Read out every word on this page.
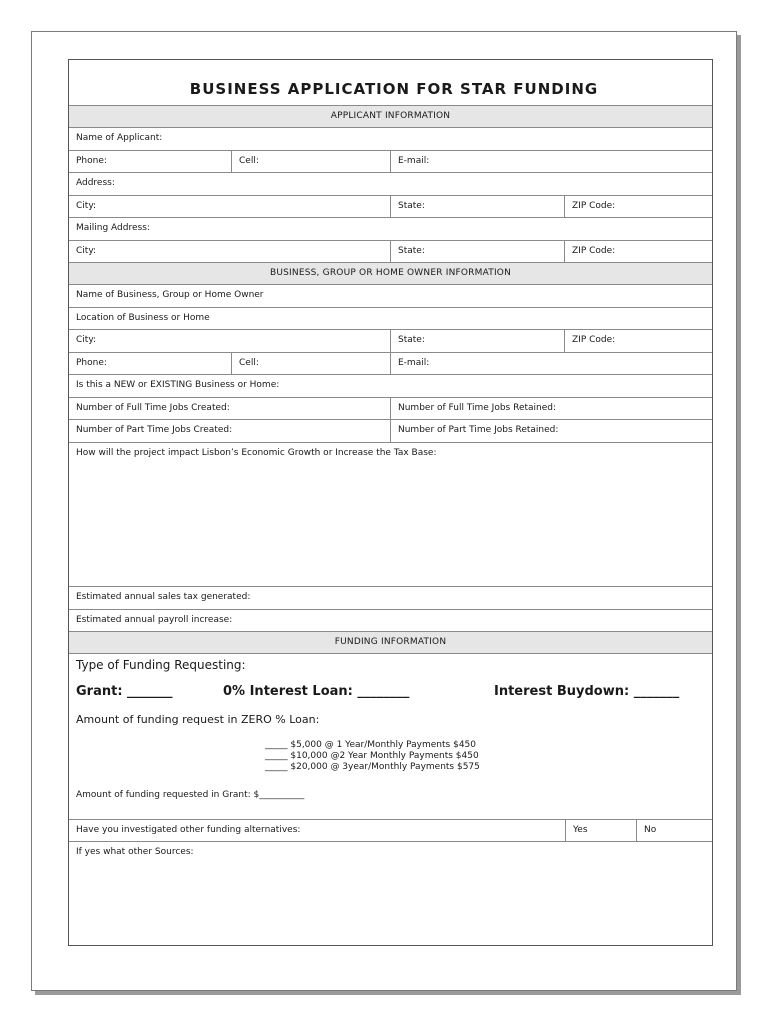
BUSINESS APPLICATION FOR STAR FUNDING
APPLICANT INFORMATION
Name of Applicant:
Phone:	Cell:	E-mail:
Address:
City:	State:	ZIP Code:
Mailing Address:
City:	State:	ZIP Code:
BUSINESS, GROUP OR HOME OWNER INFORMATION
Name of Business, Group or Home Owner
Location of Business or Home
City:	State:	ZIP Code:
Phone:	Cell:	E-mail:
Is this a NEW or EXISTING Business or Home:
Number of Full Time Jobs Created:	Number of Full Time Jobs Retained:
Number of Part Time Jobs Created:	Number of Part Time Jobs Retained:
How will the project impact Lisbon’s Economic Growth or Increase the Tax Base:
Estimated annual sales tax generated:
Estimated annual payroll increase:
FUNDING INFORMATION
Type of Funding Requesting:
Grant: _______	0% Interest Loan: ________	Interest Buydown: _______
Amount of funding request in ZERO % Loan:
_____ $5,000 @ 1 Year/Monthly Payments $450
_____ $10,000 @2 Year Monthly Payments $450
_____ $20,000 @ 3year/Monthly Payments $575
Amount of funding requested in Grant: $__________
Have you investigated other funding alternatives:	Yes	No
If yes what other Sources:
